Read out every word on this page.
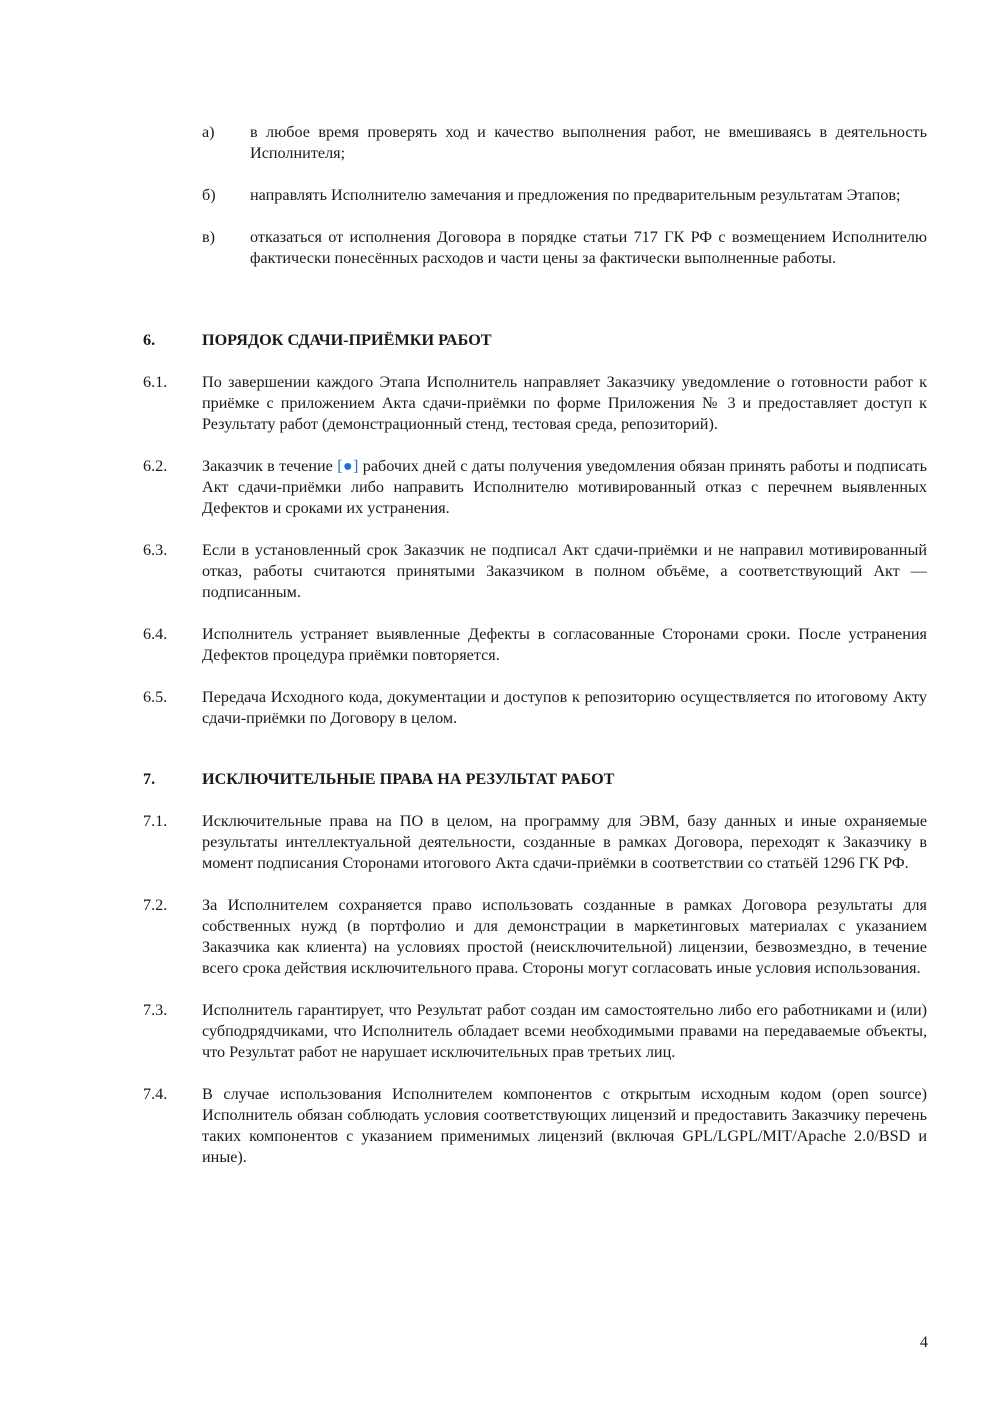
а)	в любое время проверять ход и качество выполнения работ, не вмешиваясь в деятельность Исполнителя;
б)	направлять Исполнителю замечания и предложения по предварительным результатам Этапов;
в)	отказаться от исполнения Договора в порядке статьи 717 ГК РФ с возмещением Исполнителю фактически понесённых расходов и части цены за фактически выполненные работы.
6.	ПОРЯДОК СДАЧИ-ПРИЁМКИ РАБОТ
6.1.	По завершении каждого Этапа Исполнитель направляет Заказчику уведомление о готовности работ к приёмке с приложением Акта сдачи-приёмки по форме Приложения № 3 и предоставляет доступ к Результату работ (демонстрационный стенд, тестовая среда, репозиторий).
6.2.	Заказчик в течение [●] рабочих дней с даты получения уведомления обязан принять работы и подписать Акт сдачи-приёмки либо направить Исполнителю мотивированный отказ с перечнем выявленных Дефектов и сроками их устранения.
6.3.	Если в установленный срок Заказчик не подписал Акт сдачи-приёмки и не направил мотивированный отказ, работы считаются принятыми Заказчиком в полном объёме, а соответствующий Акт — подписанным.
6.4.	Исполнитель устраняет выявленные Дефекты в согласованные Сторонами сроки. После устранения Дефектов процедура приёмки повторяется.
6.5.	Передача Исходного кода, документации и доступов к репозиторию осуществляется по итоговому Акту сдачи-приёмки по Договору в целом.
7.	ИСКЛЮЧИТЕЛЬНЫЕ ПРАВА НА РЕЗУЛЬТАТ РАБОТ
7.1.	Исключительные права на ПО в целом, на программу для ЭВМ, базу данных и иные охраняемые результаты интеллектуальной деятельности, созданные в рамках Договора, переходят к Заказчику в момент подписания Сторонами итогового Акта сдачи-приёмки в соответствии со статьёй 1296 ГК РФ.
7.2.	За Исполнителем сохраняется право использовать созданные в рамках Договора результаты для собственных нужд (в портфолио и для демонстрации в маркетинговых материалах с указанием Заказчика как клиента) на условиях простой (неисключительной) лицензии, безвозмездно, в течение всего срока действия исключительного права. Стороны могут согласовать иные условия использования.
7.3.	Исполнитель гарантирует, что Результат работ создан им самостоятельно либо его работниками и (или) субподрядчиками, что Исполнитель обладает всеми необходимыми правами на передаваемые объекты, что Результат работ не нарушает исключительных прав третьих лиц.
7.4.	В случае использования Исполнителем компонентов с открытым исходным кодом (open source) Исполнитель обязан соблюдать условия соответствующих лицензий и предоставить Заказчику перечень таких компонентов с указанием применимых лицензий (включая GPL/LGPL/MIT/Apache 2.0/BSD и иные).
4
